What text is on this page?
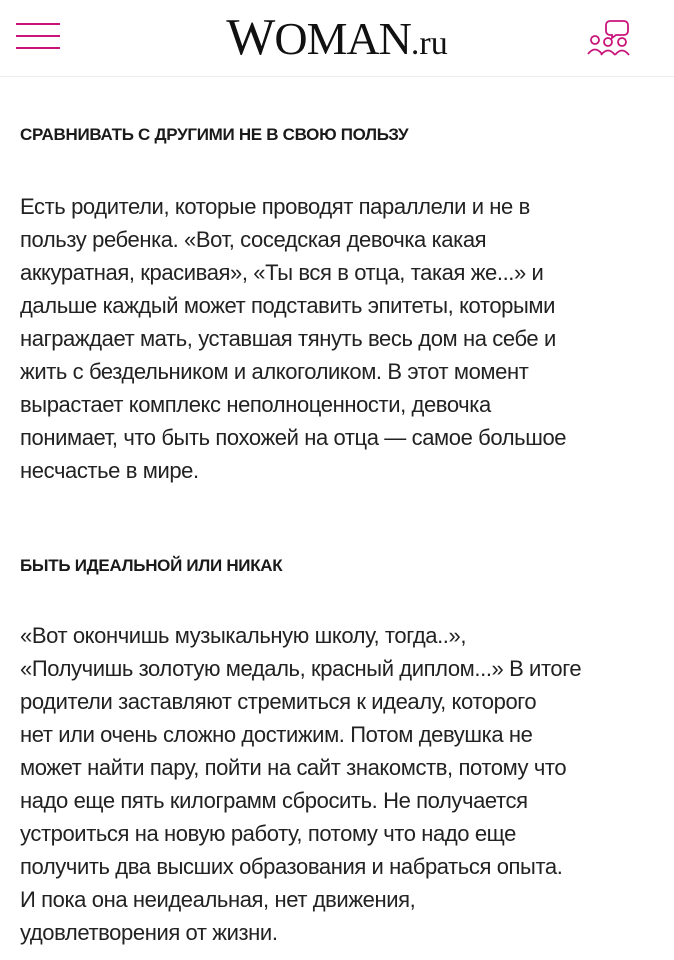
WOMAN.ru
СРАВНИВАТЬ С ДРУГИМИ НЕ В СВОЮ ПОЛЬЗУ
Есть родители, которые проводят параллели и не в
пользу ребенка. «Вот, соседская девочка какая
аккуратная, красивая», «Ты вся в отца, такая же...» и
дальше каждый может подставить эпитеты, которыми
награждает мать, уставшая тянуть весь дом на себе и
жить с бездельником и алкоголиком. В этот момент
вырастает комплекс неполноценности, девочка
понимает, что быть похожей на отца — самое большое
несчастье в мире.
БЫТЬ ИДЕАЛЬНОЙ ИЛИ НИКАК
«Вот окончишь музыкальную школу, тогда..»,
«Получишь золотую медаль, красный диплом...» В итоге
родители заставляют стремиться к идеалу, которого
нет или очень сложно достижим. Потом девушка не
может найти пару, пойти на сайт знакомств, потому что
надо еще пять килограмм сбросить. Не получается
устроиться на новую работу, потому что надо еще
получить два высших образования и набраться опыта.
И пока она неидеальная, нет движения,
удовлетворения от жизни.
